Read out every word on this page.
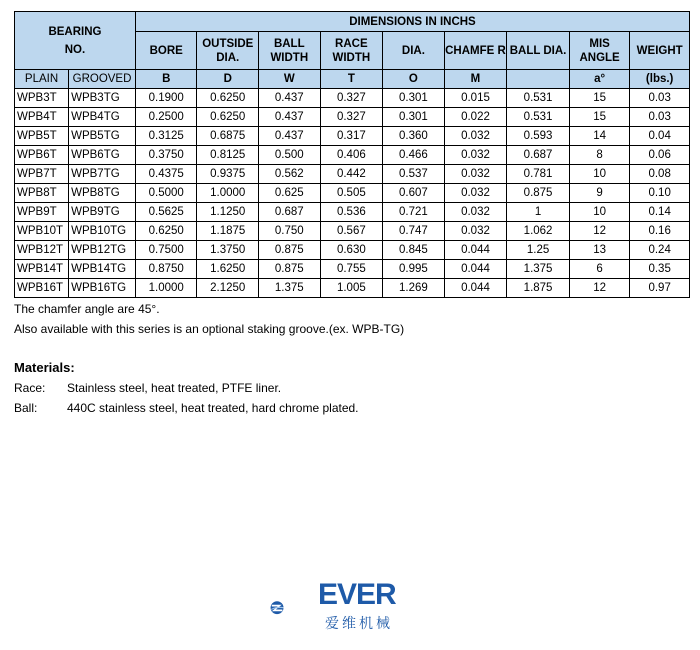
BEARING
NO.		DIMENSIONS IN INCHS								
		BORE	OUTSIDE DIA.	BALL WIDTH	RACE WIDTH	DIA.	CHAMFE R	BALL DIA.	MIS ANGLE	WEIGHT
PLAIN	GROOVED	B	D	W	T	O	M		a°	(lbs.)
WPB3T	WPB3TG	0.1900	0.6250	0.437	0.327	0.301	0.015	0.531	15	0.03
WPB4T	WPB4TG	0.2500	0.6250	0.437	0.327	0.301	0.022	0.531	15	0.03
WPB5T	WPB5TG	0.3125	0.6875	0.437	0.317	0.360	0.032	0.593	14	0.04
WPB6T	WPB6TG	0.3750	0.8125	0.500	0.406	0.466	0.032	0.687	8	0.06
WPB7T	WPB7TG	0.4375	0.9375	0.562	0.442	0.537	0.032	0.781	10	0.08
WPB8T	WPB8TG	0.5000	1.0000	0.625	0.505	0.607	0.032	0.875	9	0.10
WPB9T	WPB9TG	0.5625	1.1250	0.687	0.536	0.721	0.032	1	10	0.14
WPB10T	WPB10TG	0.6250	1.1875	0.750	0.567	0.747	0.032	1.062	12	0.16
WPB12T	WPB12TG	0.7500	1.3750	0.875	0.630	0.845	0.044	1.25	13	0.24
WPB14T	WPB14TG	0.8750	1.6250	0.875	0.755	0.995	0.044	1.375	6	0.35
WPB16T	WPB16TG	1.0000	2.1250	1.375	1.005	1.269	0.044	1.875	12	0.97
The chamfer angle are 45°.
Also available with this series is an optional staking groove.(ex. WPB-TG)
Materials:
Race: Stainless steel, heat treated, PTFE liner.
Ball: 440C stainless steel, heat treated, hard chrome plated.
EVER
爱维机械
